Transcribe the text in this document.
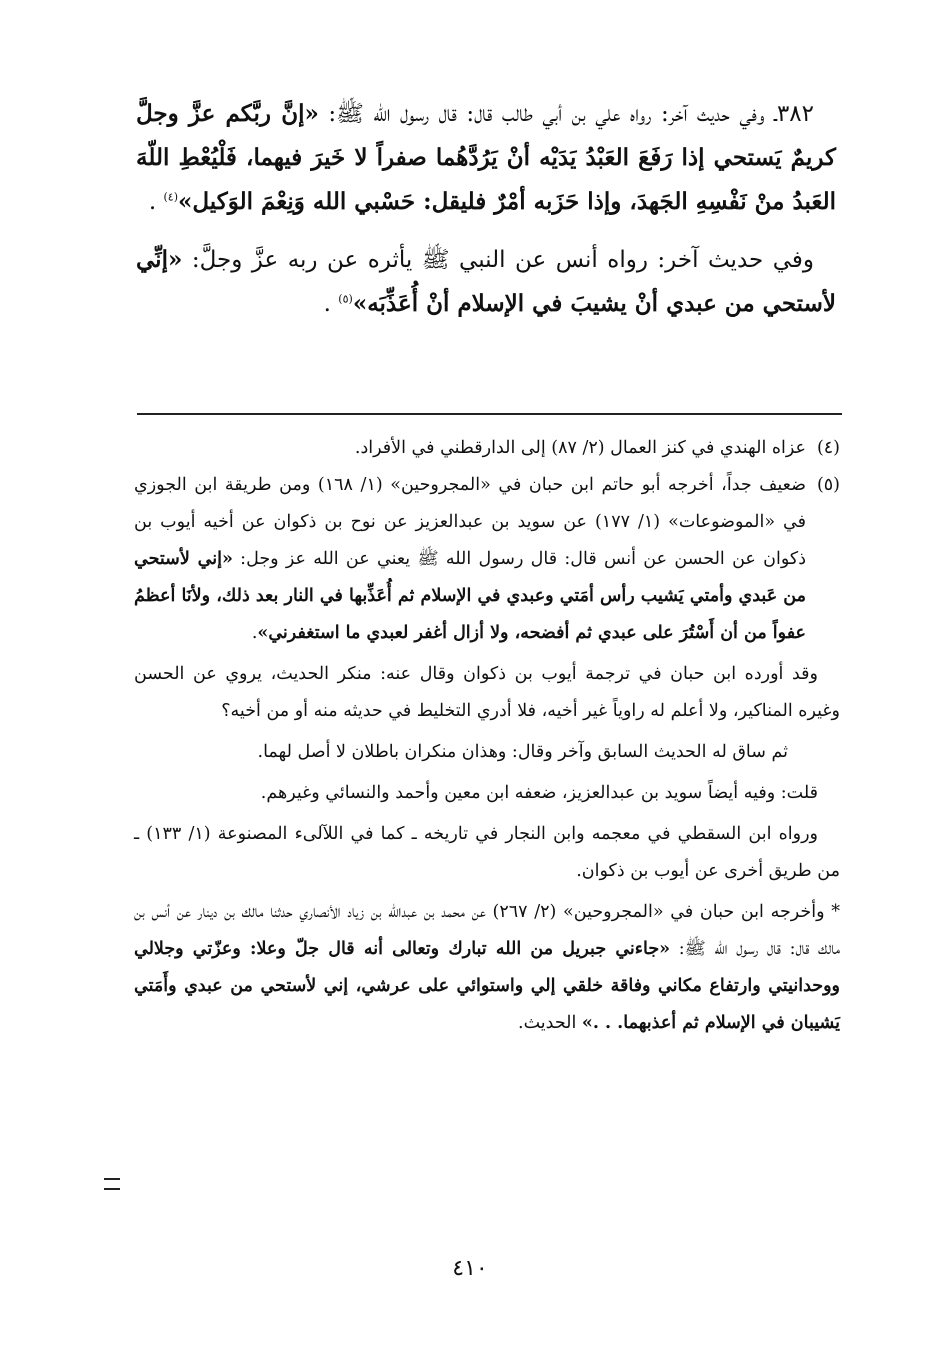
٣٨٢ـ وفي حديث آخر: رواه علي بن أبي طالب قال: قال رسول الله ﷺ: «إنَّ ربَّكم عزَّ وجلَّ كريمٌ يَستحي إذا رَفَعَ العَبْدُ يَدَيْه أنْ يَرُدَّهُما صفراً لا خَيرَ فيهما، فَلْيُعْطِ اللّهَ العَبدُ منْ نَفْسِهِ الجَهدَ، وإذا حَزَبه أمْرٌ فليقل: حَسْبي الله وَنِعْمَ الوَكيل»$^{(٤)}$ .

وفي حديث آخر: رواه أنس عن النبي ﷺ يأثره عن ربه عزَّ وجلَّ: «إنِّي لأستحي من عبدي أنْ يشيبَ في الإسلام أنْ أُعَذِّبَه»$^{(٥)}$ .

(٤)
عزاه الهندي في كنز العمال (٢/ ٨٧) إلى الدارقطني في الأفراد.
(٥)
ضعيف جداً، أخرجه أبو حاتم ابن حبان في «المجروحين» (١/ ١٦٨) ومن طريقة ابن الجوزي في «الموضوعات» (١/ ١٧٧) عن سويد بن عبدالعزيز عن نوح بن ذكوان عن أخيه أيوب بن ذكوان عن الحسن عن أنس قال: قال رسول الله ﷺ يعني عن الله عز وجل: «إني لأستحي من عَبدي وأمتي يَشيب رأس أمَتي وعبدي في الإسلام ثم أُعَذِّبها في النار بعد ذلك، ولأنَا أعظمُ عفواً من أن أَسْتُرَ على عبدي ثم أفضحه، ولا أزال أغفر لعبدي ما استغفرني».

وقد أورده ابن حبان في ترجمة أيوب بن ذكوان وقال عنه: منكر الحديث، يروي عن الحسن وغيره المناكير، ولا أعلم له راوياً غير أخيه، فلا أدري التخليط في حديثه منه أو من أخيه؟

ثم ساق له الحديث السابق وآخر وقال: وهذان منكران باطلان لا أصل لهما.

قلت: وفيه أيضاً سويد بن عبدالعزيز، ضعفه ابن معين وأحمد والنسائي وغيرهم.

ورواه ابن السقطي في معجمه وابن النجار في تاريخه ـ كما في اللآلىء المصنوعة (١/ ١٣٣) ـ من طريق أخرى عن أيوب بن ذكوان.

* وأخرجه ابن حبان في «المجروحين» (٢/ ٢٦٧) عن محمد بن عبدالله بن زياد الأنصاري حدثنا مالك بن دينار عن أنس بن مالك قال: قال رسول الله ﷺ: «جاءني جبريل من الله تبارك وتعالى أنه قال جلّ وعلا: وعزّتي وجلالي ووحدانيتي وارتفاع مكاني وفاقة خلقي إلي واستوائي على عرشي، إني لأستحي من عبدي وأَمَتي يَشيبان في الإسلام ثم أعذبهما. . .» الحديث.

٤١٠
